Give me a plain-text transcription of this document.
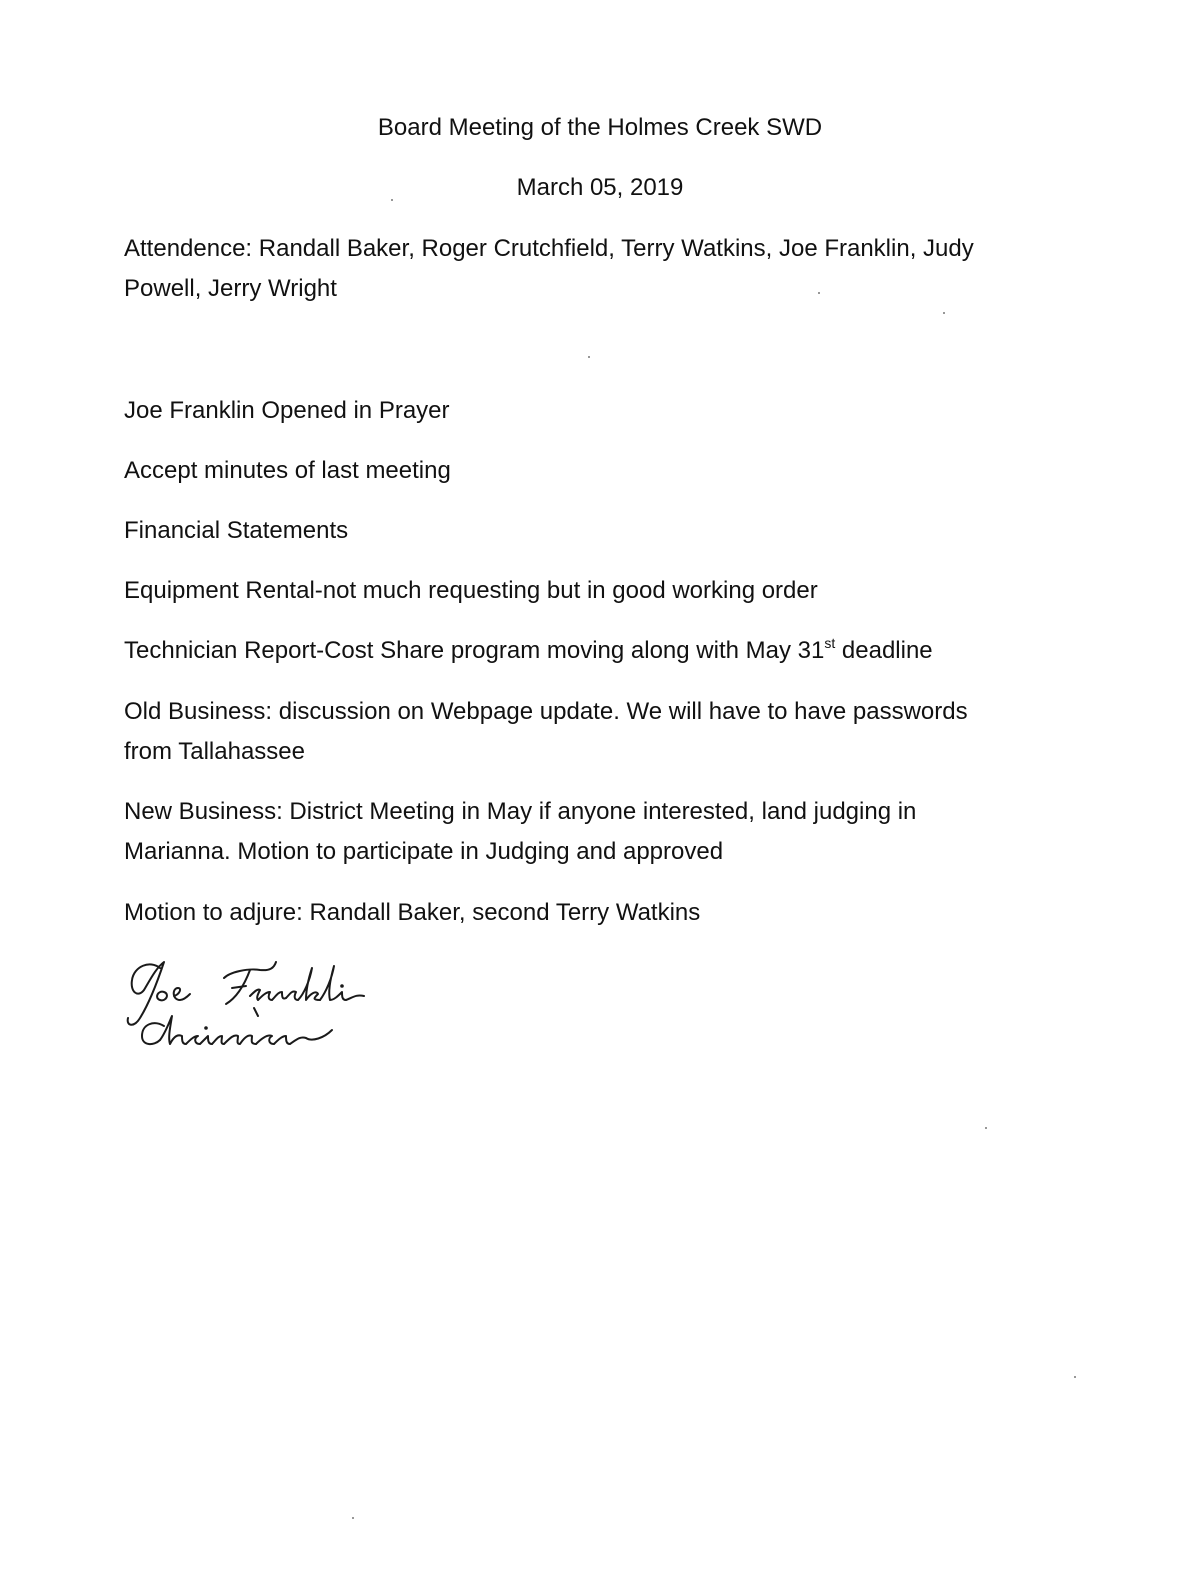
Board Meeting of the Holmes Creek SWD
March 05, 2019
Attendence: Randall Baker, Roger Crutchfield, Terry Watkins, Joe Franklin, Judy
Powell, Jerry Wright
Joe Franklin Opened in Prayer
Accept minutes of last meeting
Financial Statements
Equipment Rental-not much requesting but in good working order
Technician Report-Cost Share program moving along with May 31st deadline
Old Business: discussion on Webpage update. We will have to have passwords
from Tallahassee
New Business: District Meeting in May if anyone interested, land judging in
Marianna. Motion to participate in Judging and approved
Motion to adjure: Randall Baker, second Terry Watkins
